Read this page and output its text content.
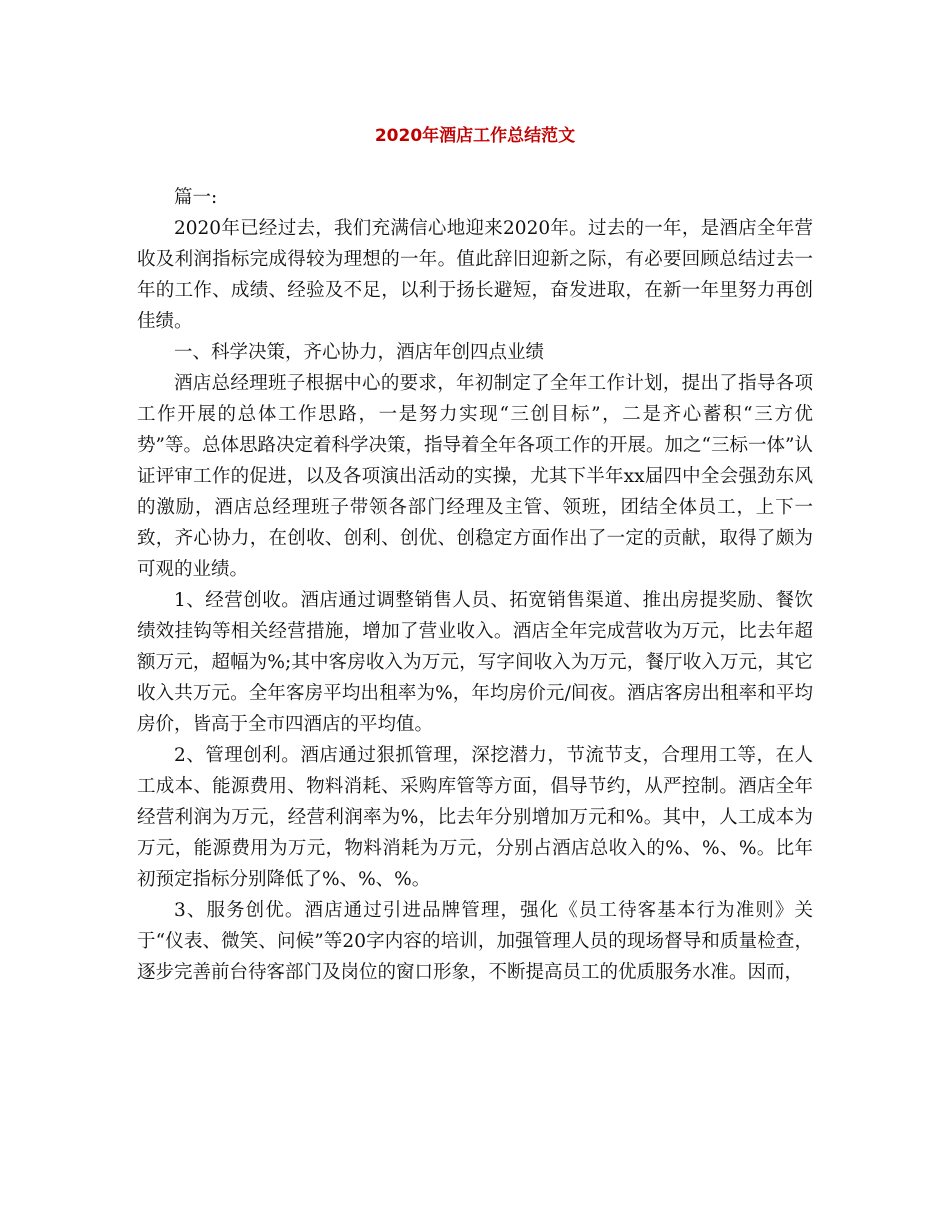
2020年酒店工作总结范文

篇一:

2020年已经过去，我们充满信心地迎来2020年。过去的一年，是酒店全年营收及利润指标完成得较为理想的一年。值此辞旧迎新之际，有必要回顾总结过去一年的工作、成绩、经验及不足，以利于扬长避短，奋发进取，在新一年里努力再创佳绩。

一、科学决策，齐心协力，酒店年创四点业绩

酒店总经理班子根据中心的要求，年初制定了全年工作计划，提出了指导各项工作开展的总体工作思路，一是努力实现“三创目标”，二是齐心蓄积“三方优势”等。总体思路决定着科学决策，指导着全年各项工作的开展。加之“三标一体”认证评审工作的促进，以及各项演出活动的实操，尤其下半年xx届四中全会强劲东风的激励，酒店总经理班子带领各部门经理及主管、领班，团结全体员工，上下一致，齐心协力，在创收、创利、创优、创稳定方面作出了一定的贡献，取得了颇为可观的业绩。

1、经营创收。酒店通过调整销售人员、拓宽销售渠道、推出房提奖励、餐饮绩效挂钩等相关经营措施，增加了营业收入。酒店全年完成营收为万元，比去年超额万元，超幅为%;其中客房收入为万元，写字间收入为万元，餐厅收入万元，其它收入共万元。全年客房平均出租率为%，年均房价元/间夜。酒店客房出租率和平均房价，皆高于全市四酒店的平均值。

2、管理创利。酒店通过狠抓管理，深挖潜力，节流节支，合理用工等，在人工成本、能源费用、物料消耗、采购库管等方面，倡导节约，从严控制。酒店全年经营利润为万元，经营利润率为%，比去年分别增加万元和%。其中，人工成本为万元，能源费用为万元，物料消耗为万元，分别占酒店总收入的%、%、%。比年初预定指标分别降低了%、%、%。

3、服务创优。酒店通过引进品牌管理，强化《员工待客基本行为准则》关于“仪表、微笑、问候”等20字内容的培训，加强管理人员的现场督导和质量检查，逐步完善前台待客部门及岗位的窗口形象，不断提高员工的优质服务水准。因而，
